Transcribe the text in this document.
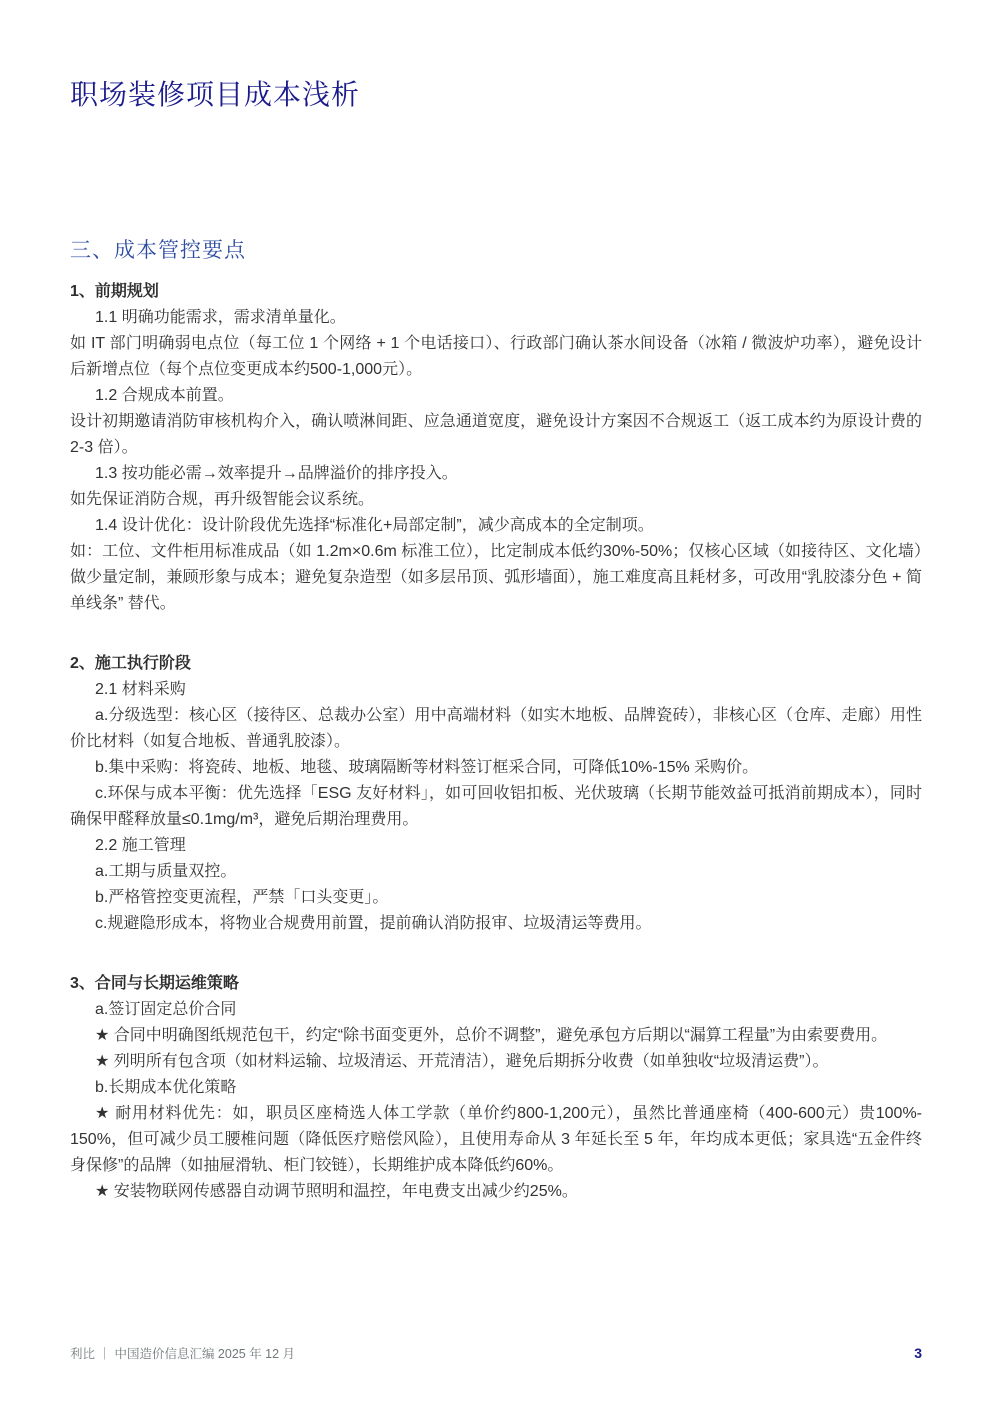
职场装修项目成本浅析
三、成本管控要点

1、前期规划

1.1 明确功能需求，需求清单量化。

如 IT 部门明确弱电点位（每工位 1 个网络 + 1 个电话接口）、行政部门确认茶水间设备（冰箱 / 微波炉功率），避免设计后新增点位（每个点位变更成本约500-1,000元）。

1.2 合规成本前置。

设计初期邀请消防审核机构介入，确认喷淋间距、应急通道宽度，避免设计方案因不合规返工（返工成本约为原设计费的 2-3 倍）。

1.3 按功能必需→效率提升→品牌溢价的排序投入。

如先保证消防合规，再升级智能会议系统。

1.4 设计优化：设计阶段优先选择“标准化+局部定制”，减少高成本的全定制项。

如：工位、文件柜用标准成品（如 1.2m×0.6m 标准工位），比定制成本低约30%-50%；仅核心区域（如接待区、文化墙）做少量定制，兼顾形象与成本；避免复杂造型（如多层吊顶、弧形墙面），施工难度高且耗材多，可改用“乳胶漆分色 + 简单线条” 替代。

2、施工执行阶段

2.1 材料采购

a.分级选型：核心区（接待区、总裁办公室）用中高端材料（如实木地板、品牌瓷砖），非核心区（仓库、走廊）用性价比材料（如复合地板、普通乳胶漆）。

b.集中采购：将瓷砖、地板、地毯、玻璃隔断等材料签订框采合同，可降低10%-15% 采购价。

c.环保与成本平衡：优先选择「ESG 友好材料」，如可回收铝扣板、光伏玻璃（长期节能效益可抵消前期成本），同时确保甲醛释放量≤0.1mg/m³，避免后期治理费用。

2.2 施工管理

a.工期与质量双控。

b.严格管控变更流程，严禁「口头变更」。

c.规避隐形成本，将物业合规费用前置，提前确认消防报审、垃圾清运等费用。

3、合同与长期运维策略

a.签订固定总价合同

★ 合同中明确图纸规范包干，约定“除书面变更外，总价不调整”，避免承包方后期以“漏算工程量”为由索要费用。

★ 列明所有包含项（如材料运输、垃圾清运、开荒清洁），避免后期拆分收费（如单独收“垃圾清运费”）。

b.长期成本优化策略

★ 耐用材料优先：如，职员区座椅选人体工学款（单价约800-1,200元），虽然比普通座椅（400-600元）贵100%- 150%，但可减少员工腰椎问题（降低医疗赔偿风险），且使用寿命从 3 年延长至 5 年，年均成本更低；家具选“五金件终身保修”的品牌（如抽屉滑轨、柜门铰链），长期维护成本降低约60%。

★ 安装物联网传感器自动调节照明和温控，年电费支出减少约25%。

利比 ｜ 中国造价信息汇编 2025 年 12 月	3
